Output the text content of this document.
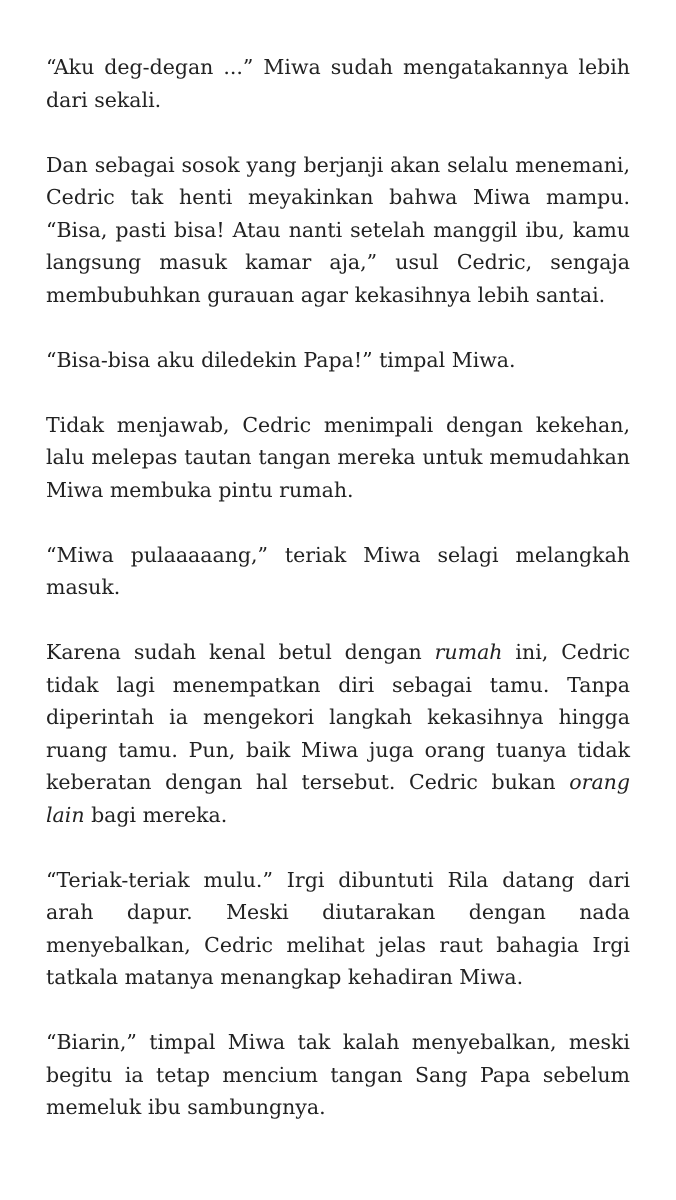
“Aku deg-degan ...” Miwa sudah mengatakannya lebih dari sekali.

Dan sebagai sosok yang berjanji akan selalu menemani, Cedric tak henti meyakinkan bahwa Miwa mampu. “Bisa, pasti bisa! Atau nanti setelah manggil ibu, kamu langsung masuk kamar aja,” usul Cedric, sengaja membubuhkan gurauan agar kekasihnya lebih santai.

“Bisa-bisa aku diledekin Papa!” timpal Miwa.

Tidak menjawab, Cedric menimpali dengan kekehan, lalu melepas tautan tangan mereka untuk memudahkan Miwa membuka pintu rumah.

“Miwa pulaaaaang,” teriak Miwa selagi melangkah masuk.

Karena sudah kenal betul dengan rumah ini, Cedric tidak lagi menempatkan diri sebagai tamu. Tanpa diperintah ia mengekori langkah kekasihnya hingga ruang tamu. Pun, baik Miwa juga orang tuanya tidak keberatan dengan hal tersebut. Cedric bukan orang lain bagi mereka.

“Teriak-teriak mulu.” Irgi dibuntuti Rila datang dari arah dapur. Meski diutarakan dengan nada menyebalkan, Cedric melihat jelas raut bahagia Irgi tatkala matanya menangkap kehadiran Miwa.

“Biarin,” timpal Miwa tak kalah menyebalkan, meski begitu ia tetap mencium tangan Sang Papa sebelum memeluk ibu sambungnya.
